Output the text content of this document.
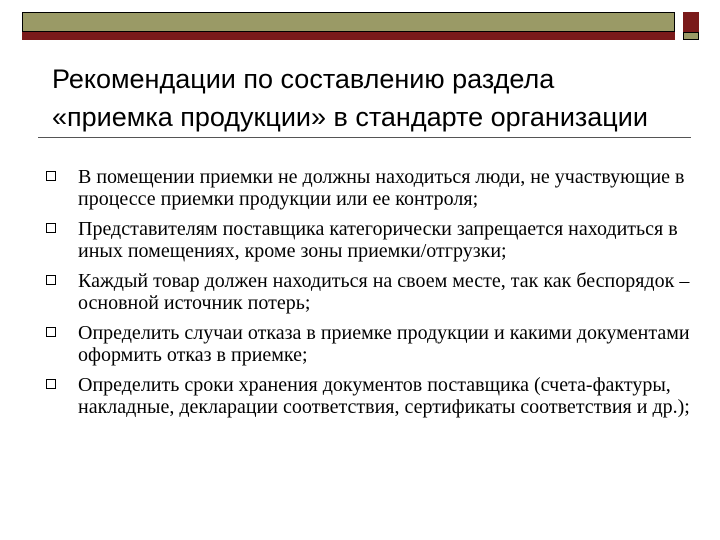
Рекомендации по составлению раздела «приемка продукции» в стандарте организации
В помещении приемки не должны находиться люди, не участвующие в процессе приемки продукции или ее контроля;
Представителям поставщика категорически запрещается находиться в иных помещениях, кроме зоны приемки/отгрузки;
Каждый товар должен находиться на своем месте, так как беспорядок – основной источник потерь;
Определить случаи отказа в приемке продукции и какими документами оформить отказ в приемке;
Определить сроки хранения документов поставщика (счета-фактуры, накладные, декларации соответствия, сертификаты соответствия и др.);
